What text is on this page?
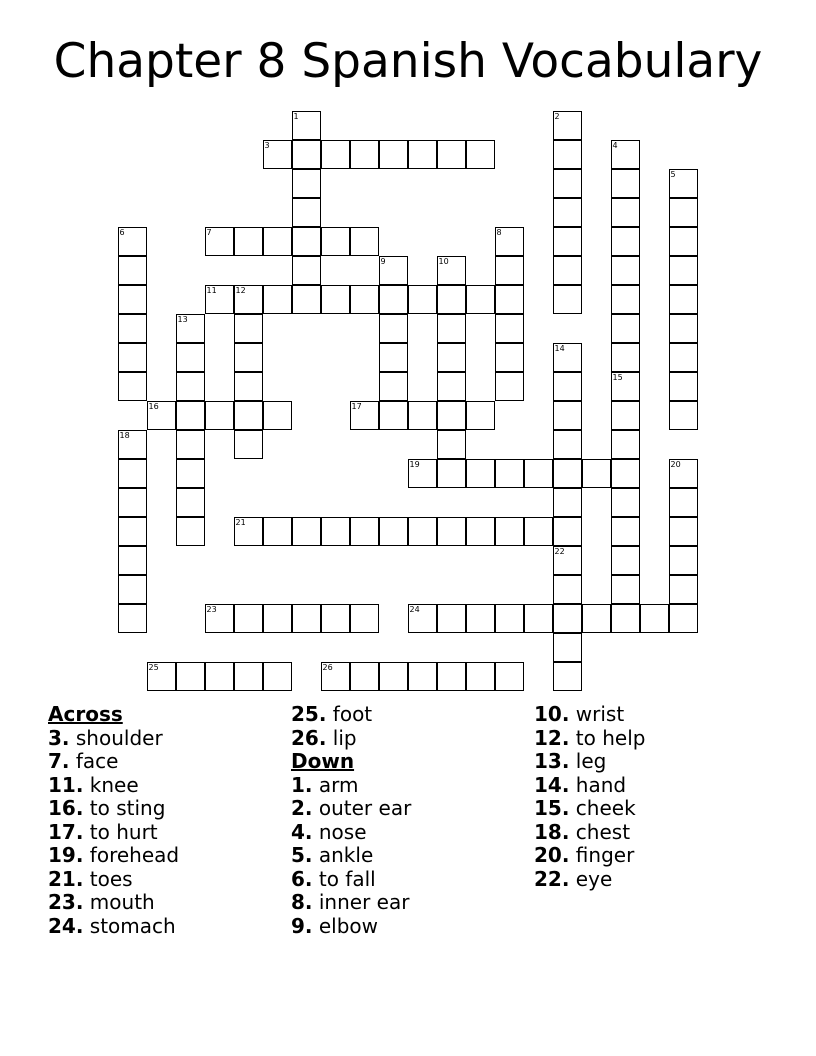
Chapter 8 Spanish Vocabulary
3
7
11 12
16	17
19
21
23	24
25	26
1	2
4
5
6	8
9	10
13
14
15
18
20
22
Across
3. shoulder
7. face
11. knee
16. to sting
17. to hurt
19. forehead
21. toes
23. mouth
24. stomach
25. foot
26. lip
Down
1. arm
2. outer ear
4. nose
5. ankle
6. to fall
8. inner ear
9. elbow
10. wrist
12. to help
13. leg
14. hand
15. cheek
18. chest
20. finger
22. eye
